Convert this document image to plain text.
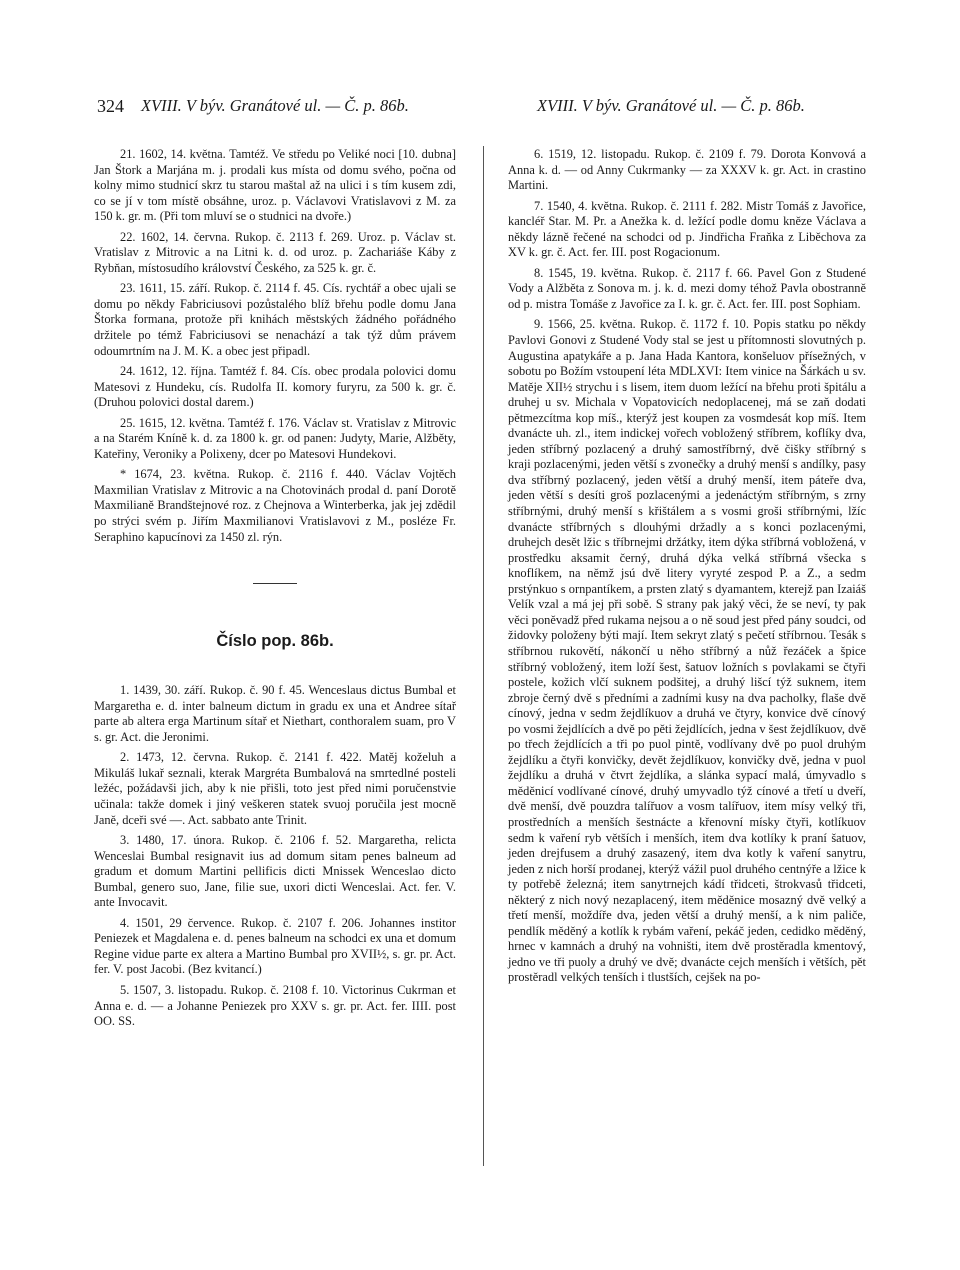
324 XVIII. V býv. Granátové ul. — Č. p. 86b.	XVIII. V býv. Granátové ul. — Č. p. 86b.

21. 1602, 14. května. Tamtéž. Ve středu po Veliké noci [10. dubna] Jan Štork a Marjána m. j. prodali kus místa od domu svého, počna od kolny mimo studnicí skrz tu starou maštal až na ulici i s tím kusem zdi, co se jí v tom místě obsáhne, uroz. p. Václavovi Vratislavovi z M. za 150 k. gr. m. (Při tom mluví se o studnici na dvoře.)

22. 1602, 14. června. Rukop. č. 2113 f. 269. Uroz. p. Václav st. Vratislav z Mitrovic a na Litni k. d. od uroz. p. Zachariáše Káby z Rybňan, místosudího království Českého, za 525 k. gr. č.

23. 1611, 15. září. Rukop. č. 2114 f. 45. Cís. rychtář a obec ujali se domu po někdy Fabriciusovi pozůstalého blíž břehu podle domu Jana Štorka formana, protože při knihách městských žádného pořádného držitele po témž Fabriciusovi se nenachází a tak týž dům právem odoumrtním na J. M. K. a obec jest připadl.

24. 1612, 12. října. Tamtéž f. 84. Cís. obec prodala polovici domu Matesovi z Hundeku, cís. Rudolfa II. komory furyru, za 500 k. gr. č. (Druhou polovici dostal darem.)

25. 1615, 12. května. Tamtéž f. 176. Václav st. Vratislav z Mitrovic a na Starém Kníně k. d. za 1800 k. gr. od panen: Judyty, Marie, Alžběty, Kateřiny, Veroniky a Polixeny, dcer po Matesovi Hundekovi.

* 1674, 23. května. Rukop. č. 2116 f. 440. Václav Vojtěch Maxmilian Vratislav z Mitrovic a na Chotovinách prodal d. paní Dorotě Maxmilianě Brandštejnové roz. z Chejnova a Winterberka, jak jej zdědil po strýci svém p. Jiřím Maxmilianovi Vratislavovi z M., posléze Fr. Seraphino kapucínovi za 1450 zl. rýn.

Číslo pop. 86b.

1. 1439, 30. září. Rukop. č. 90 f. 45. Wenceslaus dictus Bumbal et Margaretha e. d. inter balneum dictum in gradu ex una et Andree sítař parte ab altera erga Martinum sítař et Niethart, conthoralem suam, pro V s. gr. Act. die Jeronimi.

2. 1473, 12. června. Rukop. č. 2141 f. 422. Matěj koželuh a Mikuláš lukař seznali, kterak Margréta Bumbalová na smrtedlné posteli ležéc, požádavši jich, aby k nie přišli, toto jest před nimi poručenstvie učinala: takže domek i jiný veškeren statek svuoj poručila jest mocně Janě, dceři své —. Act. sabbato ante Trinit.

3. 1480, 17. února. Rukop. č. 2106 f. 52. Margaretha, relicta Wenceslai Bumbal resignavit ius ad domum sitam penes balneum ad gradum et domum Martini pellificis dicti Mnissek Wenceslao dicto Bumbal, genero suo, Jane, filie sue, uxori dicti Wenceslai. Act. fer. V. ante Invocavit.

4. 1501, 29 července. Rukop. č. 2107 f. 206. Johannes institor Peniezek et Magdalena e. d. penes balneum na schodci ex una et domum Regine vidue parte ex altera a Martino Bumbal pro XVII½, s. gr. pr. Act. fer. V. post Jacobi. (Bez kvitancí.)

5. 1507, 3. listopadu. Rukop. č. 2108 f. 10. Victorinus Cukrman et Anna e. d. — a Johanne Peniezek pro XXV s. gr. pr. Act. fer. IIII. post OO. SS.

6. 1519, 12. listopadu. Rukop. č. 2109 f. 79. Dorota Konvová a Anna k. d. — od Anny Cukrmanky — za XXXV k. gr. Act. in crastino Martini.

7. 1540, 4. května. Rukop. č. 2111 f. 282. Mistr Tomáš z Javořice, kancléř Star. M. Pr. a Anežka k. d. ležící podle domu kněze Václava a někdy lázně řečené na schodci od p. Jindřicha Fraňka z Liběchova za XV k. gr. č. Act. fer. III. post Rogacionum.

8. 1545, 19. května. Rukop. č. 2117 f. 66. Pavel Gon z Studené Vody a Alžběta z Sonova m. j. k. d. mezi domy téhož Pavla obostranně od p. mistra Tomáše z Javořice za I. k. gr. č. Act. fer. III. post Sophiam.

9. 1566, 25. května. Rukop. č. 1172 f. 10. Popis statku po někdy Pavlovi Gonovi z Studené Vody stal se jest u přítomnosti slovutných p. Augustina apatykáře a p. Jana Hada Kantora, konšeluov přísežných, v sobotu po Božím vstoupení léta MDLXVI: Item vinice na Šárkách u sv. Matěje XII½ strychu i s lisem, item duom ležící na břehu proti špitálu a druhej u sv. Michala v Vopatovicích nedoplacenej, má se zaň dodati pětmezcítma kop míš., kterýž jest koupen za vosmdesát kop míš. Item dvanácte uh. zl., item indickej vořech vobložený stříbrem, koflíky dva, jeden stříbrný pozlacený a druhý samostříbrný, dvě čišky stříbrný s kraji pozlacenými, jeden větší s zvonečky a druhý menší s andílky, pasy dva stříbrný pozlacený, jeden větší a druhý menší, item páteře dva, jeden větší s desíti groš pozlacenými a jedenáctým stříbrným, s zrny stříbrnými, druhý menší s křištálem a s vosmi groši stříbrnými, lžíc dvanácte stříbrných s dlouhými držadly a s konci pozlacenými, druhejch desět lžic s tříbrnejmi držátky, item dýka stříbrná vobložená, v prostředku aksamit černý, druhá dýka velká stříbrná všecka s knoflíkem, na němž jsú dvě litery vyryté zespod P. a Z., a sedm prstýnkuo s ornpantíkem, a prsten zlatý s dyamantem, kterejž pan Izaiáš Velík vzal a má jej při sobě. S strany pak jaký věci, že se neví, ty pak věci poněvadž před rukama nejsou a o ně soud jest před pány soudci, od židovky položeny býti mají. Item sekryt zlatý s pečetí stříbrnou. Tesák s stříbrnou rukovětí, nákončí u něho stříbrný a nůž řezáček a špice stříbrný vobložený, item loží šest, šatuov ložních s povlakami se čtyři postele, kožich vlčí suknem podšitej, a druhý lišcí týž suknem, item zbroje černý dvě s předními a zadními kusy na dva pacholky, flaše dvě cínový, jedna v sedm žejdlíkuov a druhá ve čtyry, konvice dvě cínový po vosmi žejdlících a dvě po pěti žejdlících, jedna v šest žejdlíkuov, dvě po třech žejdlících a tři po puol pintě, vodlívany dvě po puol druhým žejdlíku a čtyři konvičky, devět žejdlíkuov, konvičky dvě, jedna v puol žejdlíku a druhá v čtvrt žejdlíka, a slánka sypací malá, úmyvadlo s měděnicí vodlívané cínové, druhý umyvadlo týž cínové a třetí u dveří, dvě menší, dvě pouzdra talířuov a vosm talířuov, item mísy velký tři, prostředních a menších šestnácte a křenovní mísky čtyři, kotlíkuov sedm k vaření ryb větších i menších, item dva kotlíky k praní šatuov, jeden drejfusem a druhý zasazený, item dva kotly k vaření sanytru, jeden z nich horší prodanej, kterýž vážil puol druhého centnýře a lžice k ty potřebě železná; item sanytrnejch kádí třidceti, štrokvasů třidceti, některý z nich nový nezaplacený, item měděnice mosazný dvě velký a třetí menší, moždíře dva, jeden větší a druhý menší, a k nim paliče, pendlík měděný a kotlík k rybám vaření, pekáč jeden, cedidko měděný, hrnec v kamnách a druhý na vohništi, item dvě prostěradla kmentový, jedno ve tři puoly a druhý ve dvě; dvanácte cejch menších i větších, pět prostěradl velkých tenších i tlustších, cejšek na po-
